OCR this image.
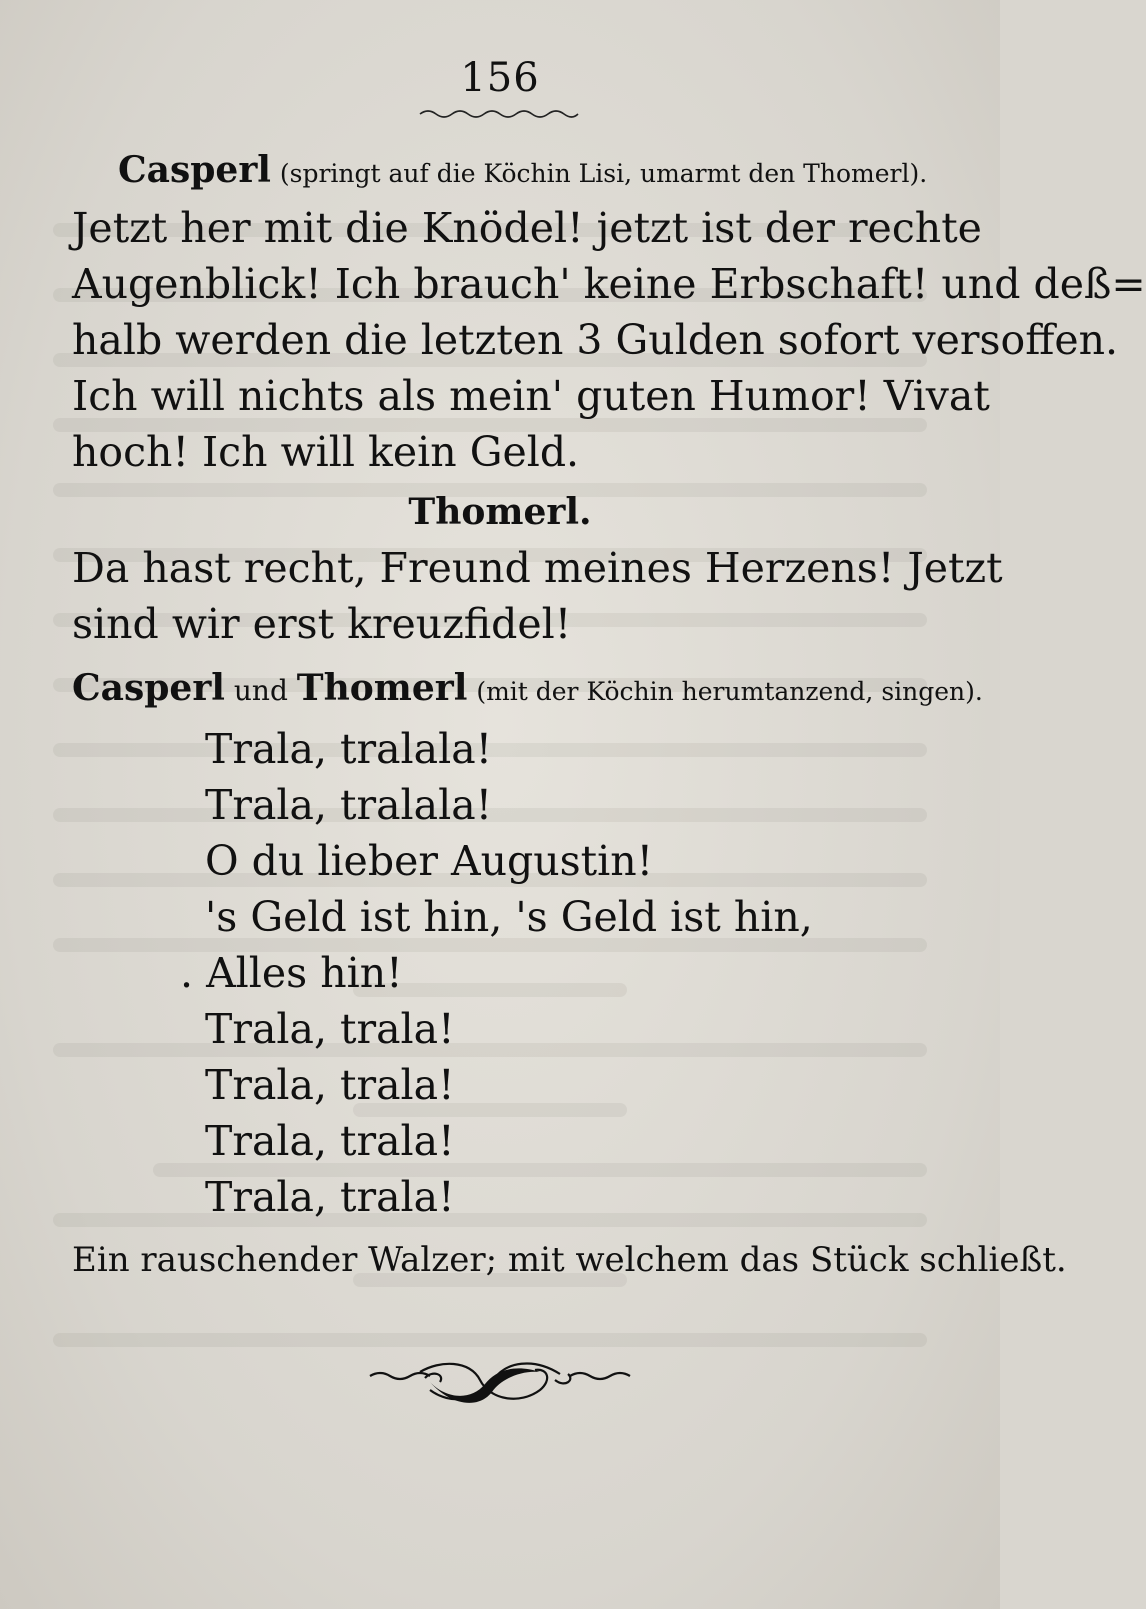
156
Casperl (springt auf die Köchin Lisi, umarmt den Thomerl).
Jetzt her mit die Knödel! jetzt ist der rechte
Augenblick! Ich brauch' keine Erbschaft! und deß=
halb werden die letzten 3 Gulden sofort versoffen.
Ich will nichts als mein' guten Humor! Vivat
hoch! Ich will kein Geld.
Thomerl.
Da hast recht, Freund meines Herzens! Jetzt
sind wir erst kreuzfidel!
Casperl und Thomerl (mit der Köchin herumtanzend, singen).
Trala, tralala!
Trala, tralala!
O du lieber Augustin!
's Geld ist hin, 's Geld ist hin,
. Alles hin!
Trala, trala!
Trala, trala!
Trala, trala!
Trala, trala!
Ein rauschender Walzer; mit welchem das Stück schließt.
